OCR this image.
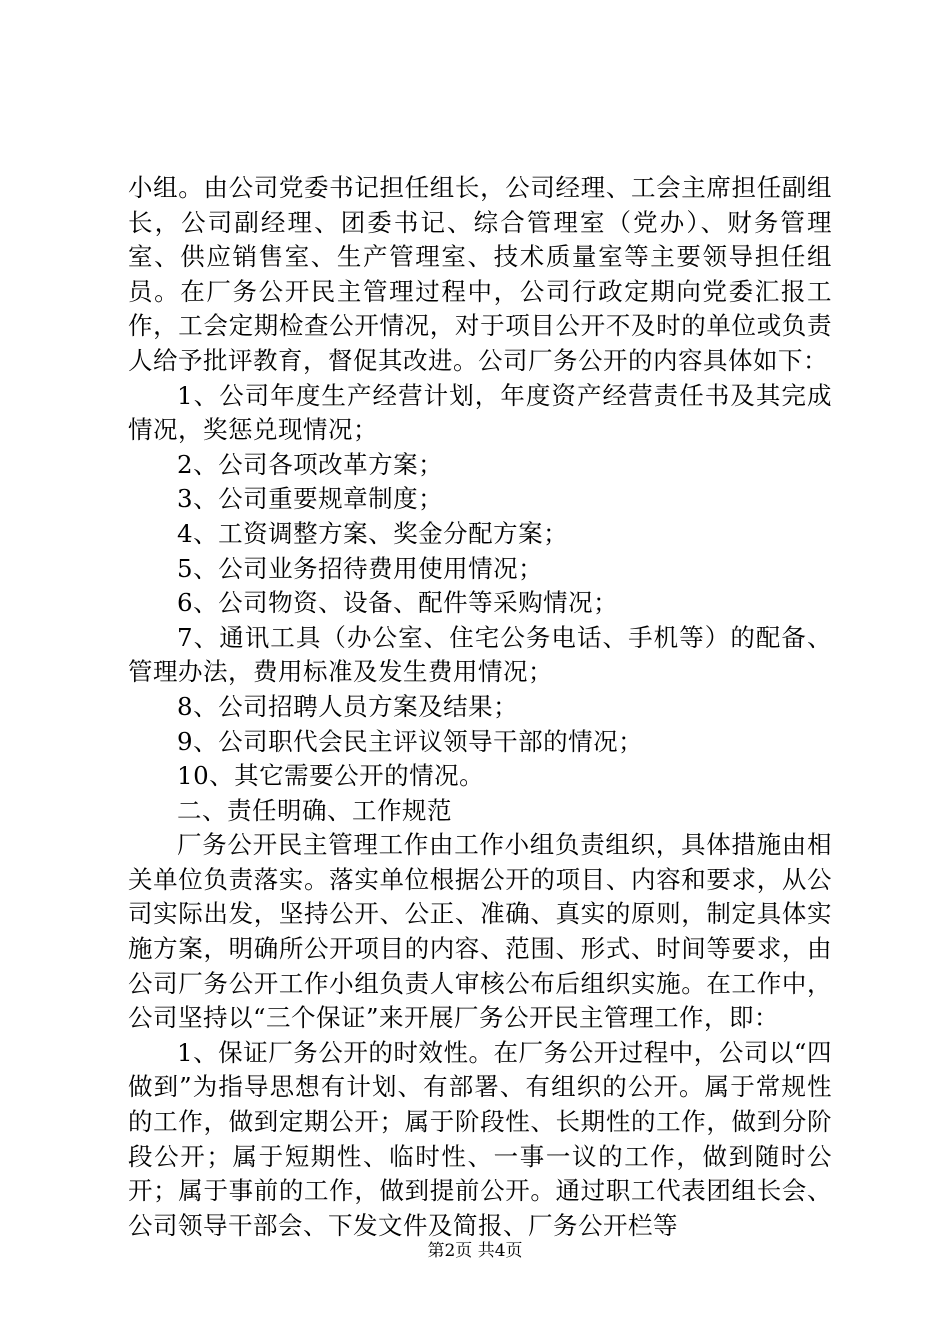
小组。由公司党委书记担任组长，公司经理、工会主席担任副组长，公司副经理、团委书记、综合管理室（党办）、财务管理室、供应销售室、生产管理室、技术质量室等主要领导担任组员。在厂务公开民主管理过程中，公司行政定期向党委汇报工作，工会定期检查公开情况，对于项目公开不及时的单位或负责人给予批评教育，督促其改进。公司厂务公开的内容具体如下：

1、公司年度生产经营计划，年度资产经营责任书及其完成情况，奖惩兑现情况；

2、公司各项改革方案；

3、公司重要规章制度；

4、工资调整方案、奖金分配方案；

5、公司业务招待费用使用情况；

6、公司物资、设备、配件等采购情况；

7、通讯工具（办公室、住宅公务电话、手机等）的配备、管理办法，费用标准及发生费用情况；

8、公司招聘人员方案及结果；

9、公司职代会民主评议领导干部的情况；

10、其它需要公开的情况。

二、责任明确、工作规范

厂务公开民主管理工作由工作小组负责组织，具体措施由相关单位负责落实。落实单位根据公开的项目、内容和要求，从公司实际出发，坚持公开、公正、准确、真实的原则，制定具体实施方案，明确所公开项目的内容、范围、形式、时间等要求，由公司厂务公开工作小组负责人审核公布后组织实施。在工作中，公司坚持以“三个保证”来开展厂务公开民主管理工作，即：

1、保证厂务公开的时效性。在厂务公开过程中，公司以“四做到”为指导思想有计划、有部署、有组织的公开。属于常规性的工作，做到定期公开；属于阶段性、长期性的工作，做到分阶段公开；属于短期性、临时性、一事一议的工作，做到随时公开；属于事前的工作，做到提前公开。通过职工代表团组长会、公司领导干部会、下发文件及简报、厂务公开栏等

第2页 共4页
